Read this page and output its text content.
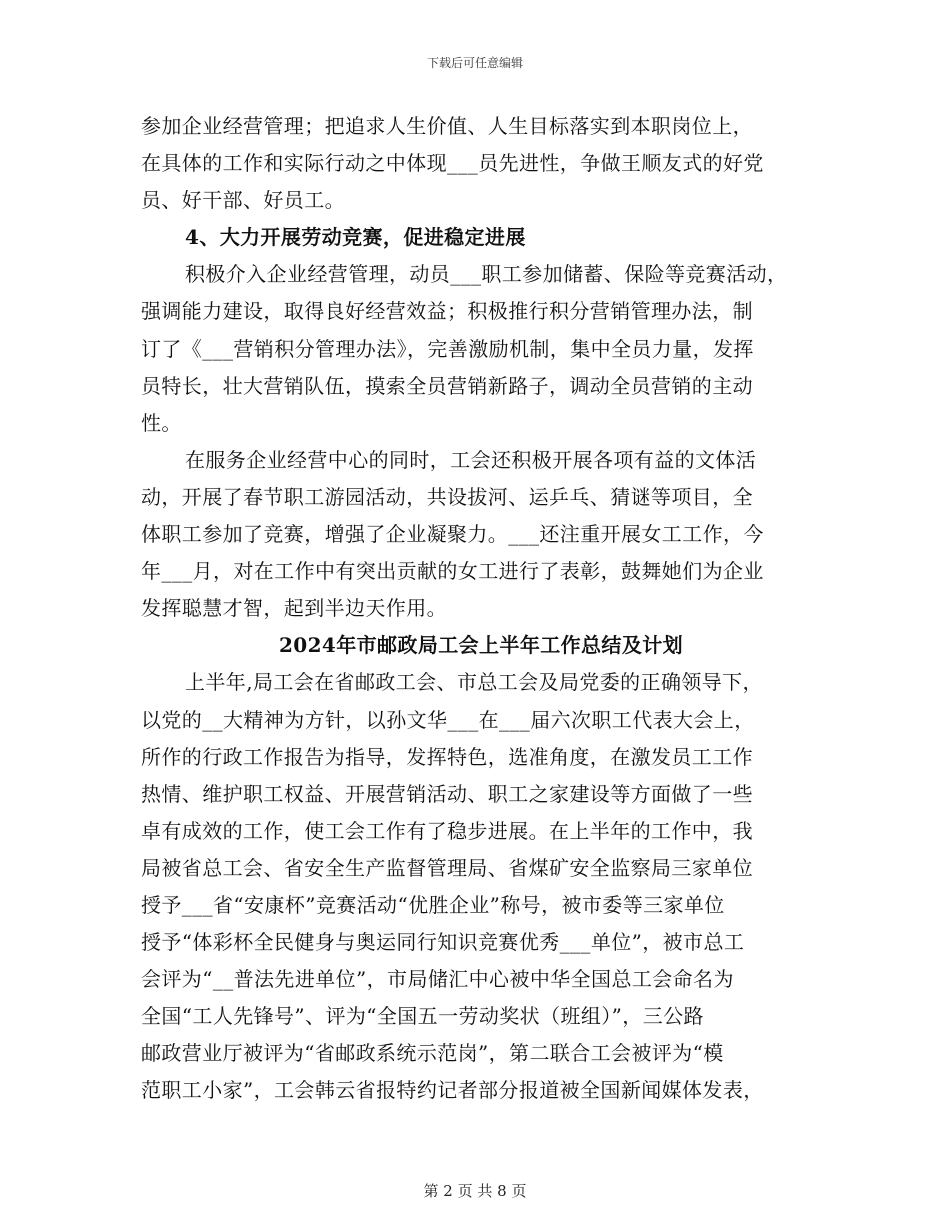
下载后可任意编辑
参加企业经营管理；把追求人生价值、人生目标落实到本职岗位上，
在具体的工作和实际行动之中体现___员先进性，争做王顺友式的好党
员、好干部、好员工。
4、大力开展劳动竞赛，促进稳定进展
积极介入企业经营管理，动员___职工参加储蓄、保险等竞赛活动，
强调能力建设，取得良好经营效益；积极推行积分营销管理办法，制
订了《___营销积分管理办法》，完善激励机制，集中全员力量，发挥
员特长，壮大营销队伍，摸索全员营销新路子，调动全员营销的主动
性。
在服务企业经营中心的同时，工会还积极开展各项有益的文体活
动，开展了春节职工游园活动，共设拔河、运乒乓、猜谜等项目，全
体职工参加了竞赛，增强了企业凝聚力。___还注重开展女工工作，今
年___月，对在工作中有突出贡献的女工进行了表彰，鼓舞她们为企业
发挥聪慧才智，起到半边天作用。
2024年市邮政局工会上半年工作总结及计划
上半年,局工会在省邮政工会、市总工会及局党委的正确领导下，
以党的__大精神为方针，以孙文华___在___届六次职工代表大会上，
所作的行政工作报告为指导，发挥特色，选准角度，在激发员工工作
热情、维护职工权益、开展营销活动、职工之家建设等方面做了一些
卓有成效的工作，使工会工作有了稳步进展。在上半年的工作中，我
局被省总工会、省安全生产监督管理局、省煤矿安全监察局三家单位
授予___省“安康杯”竞赛活动“优胜企业”称号，被市委等三家单位
授予“体彩杯全民健身与奥运同行知识竞赛优秀___单位”，被市总工
会评为“__普法先进单位”，市局储汇中心被中华全国总工会命名为
全国“工人先锋号”、评为“全国五一劳动奖状（班组）”，三公路
邮政营业厅被评为“省邮政系统示范岗”，第二联合工会被评为“模
范职工小家”，工会韩云省报特约记者部分报道被全国新闻媒体发表，
第 2 页 共 8 页
